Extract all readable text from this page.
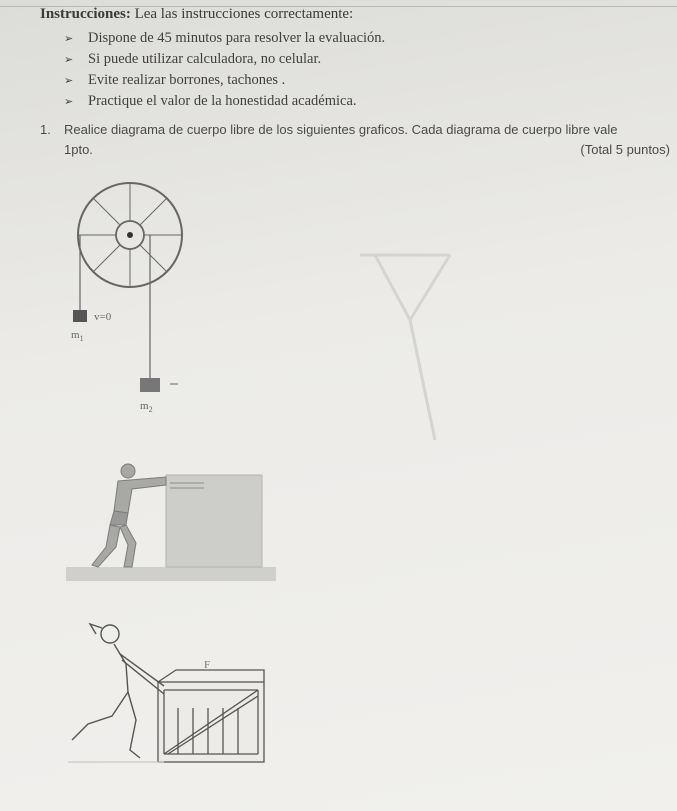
Instrucciones: Lea las instrucciones correctamente:
➢ Dispone de 45 minutos para resolver la evaluación.
➢ Si puede utilizar calculadora, no celular.
➢ Evite realizar borrones, tachones .
➢ Practique el valor de la honestidad académica.
1. Realice diagrama de cuerpo libre de los siguientes graficos. Cada diagrama de cuerpo libre vale
1pto.	(Total 5 puntos)
v=0
$m_1$
$m_2$
F
